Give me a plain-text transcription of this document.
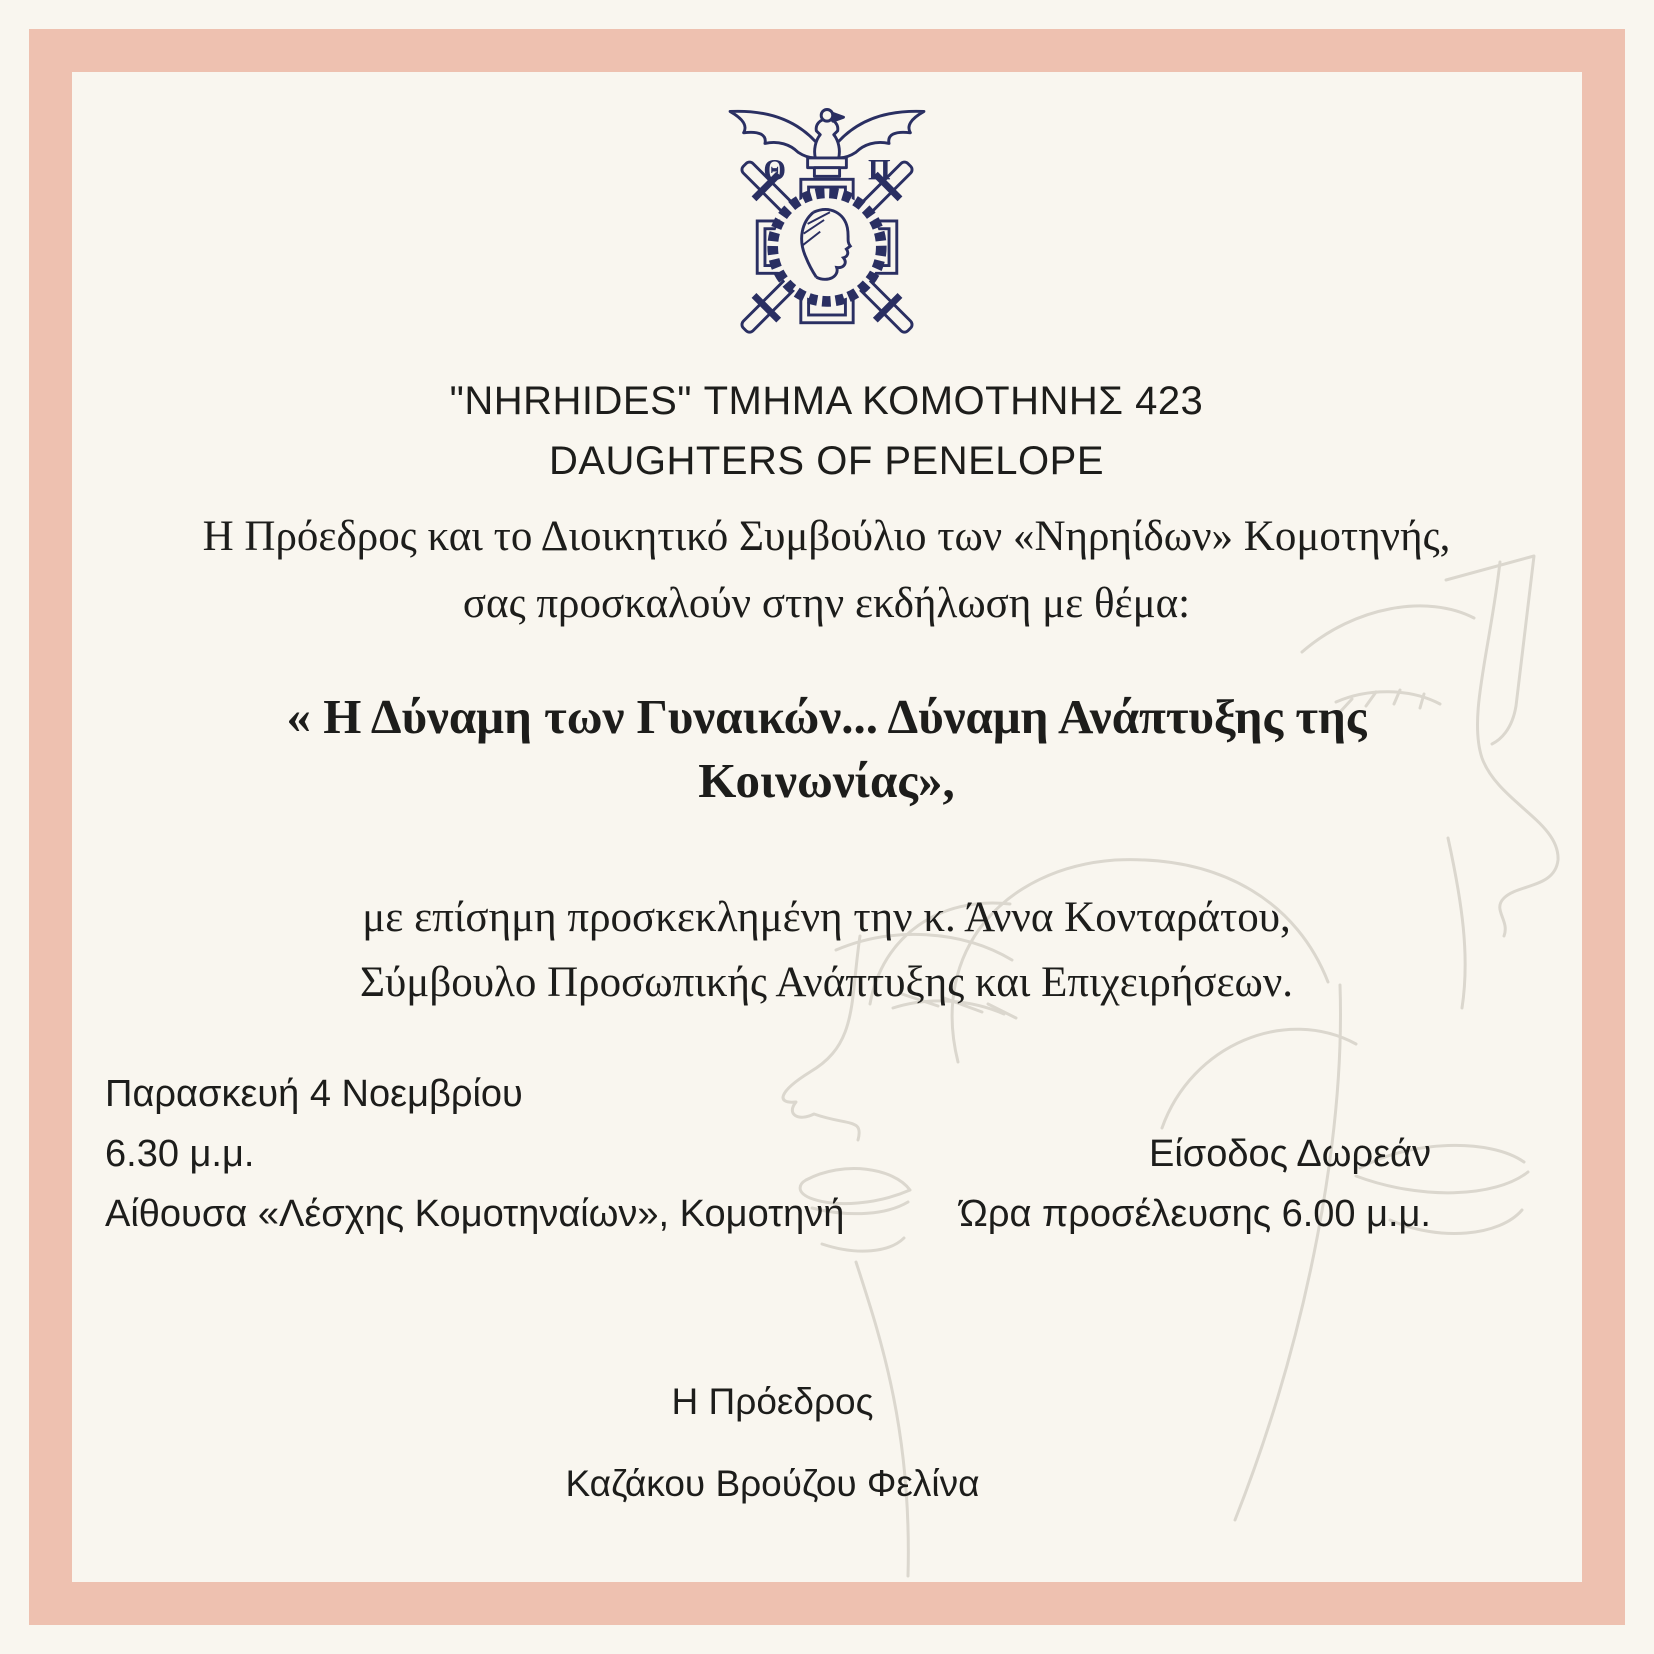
Θ	Π
"NHRHIDES" ΤΜΗΜΑ ΚΟΜΟΤΗΝΗΣ 423
DAUGHTERS OF PENELOPE
Η Πρόεδρος και το Διοικητικό Συμβούλιο των «Νηρηίδων» Κομοτηνής,
σας προσκαλούν στην εκδήλωση με θέμα:
« Η Δύναμη των Γυναικών... Δύναμη Ανάπτυξης της
Κοινωνίας»,
με επίσημη προσκεκλημένη την κ. Άννα Κονταράτου,
Σύμβουλο Προσωπικής Ανάπτυξης και Επιχειρήσεων.
Παρασκευή 4 Νοεμβρίου
6.30 μ.μ.	Είσοδος Δωρεάν
Αίθουσα «Λέσχης Κομοτηναίων», Κομοτηνή	Ώρα προσέλευσης 6.00 μ.μ.
Η Πρόεδρος
Καζάκου Βρούζου Φελίνα
